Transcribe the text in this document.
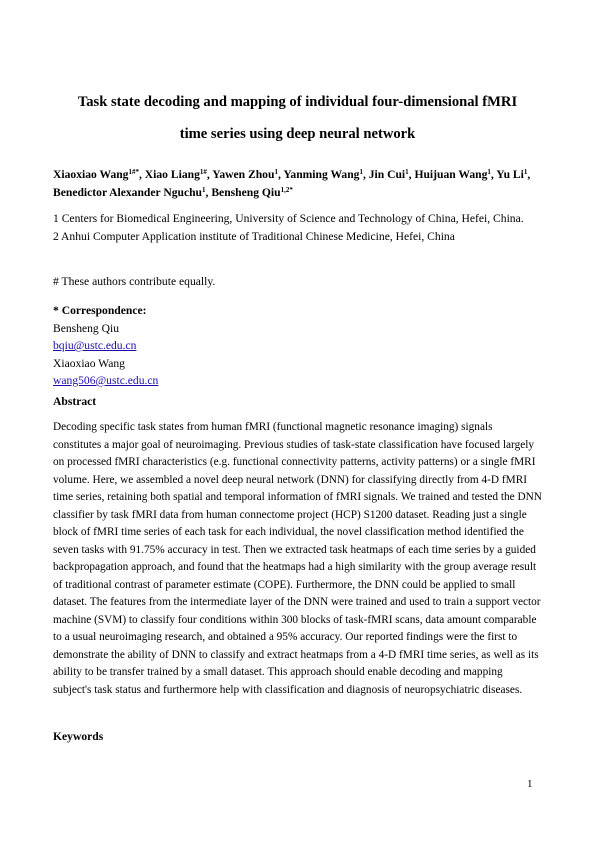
Task state decoding and mapping of individual four-dimensional fMRI

time series using deep neural network

Xiaoxiao Wang$^{1\#*}$, Xiao Liang$^{1\#}$, Yawen Zhou$^1$, Yanming Wang$^1$, Jin Cui$^1$, Huijuan Wang$^1$, Yu Li$^1$, Benedictor Alexander Nguchu$^1$, Bensheng Qiu$^{1,2*}$

1 Centers for Biomedical Engineering, University of Science and Technology of China, Hefei, China.
2 Anhui Computer Application institute of Traditional Chinese Medicine, Hefei, China
# These authors contribute equally.
* Correspondence:
Bensheng Qiu
bqiu@ustc.edu.cn
Xiaoxiao Wang
wang506@ustc.edu.cn

Abstract

Decoding specific task states from human fMRI (functional magnetic resonance imaging) signals constitutes a major goal of neuroimaging. Previous studies of task-state classification have focused largely on processed fMRI characteristics (e.g. functional connectivity patterns, activity patterns) or a single fMRI volume. Here, we assembled a novel deep neural network (DNN) for classifying directly from 4-D fMRI time series, retaining both spatial and temporal information of fMRI signals. We trained and tested the DNN classifier by task fMRI data from human connectome project (HCP) S1200 dataset. Reading just a single block of fMRI time series of each task for each individual, the novel classification method identified the seven tasks with 91.75% accuracy in test. Then we extracted task heatmaps of each time series by a guided backpropagation approach, and found that the heatmaps had a high similarity with the group average result of traditional contrast of parameter estimate (COPE). Furthermore, the DNN could be applied to small dataset. The features from the intermediate layer of the DNN were trained and used to train a support vector machine (SVM) to classify four conditions within 300 blocks of task-fMRI scans, data amount comparable to a usual neuroimaging research, and obtained a 95% accuracy. Our reported findings were the first to demonstrate the ability of DNN to classify and extract heatmaps from a 4-D fMRI time series, as well as its ability to be transfer trained by a small dataset. This approach should enable decoding and mapping subject's task status and furthermore help with classification and diagnosis of neuropsychiatric diseases.

Keywords

1
